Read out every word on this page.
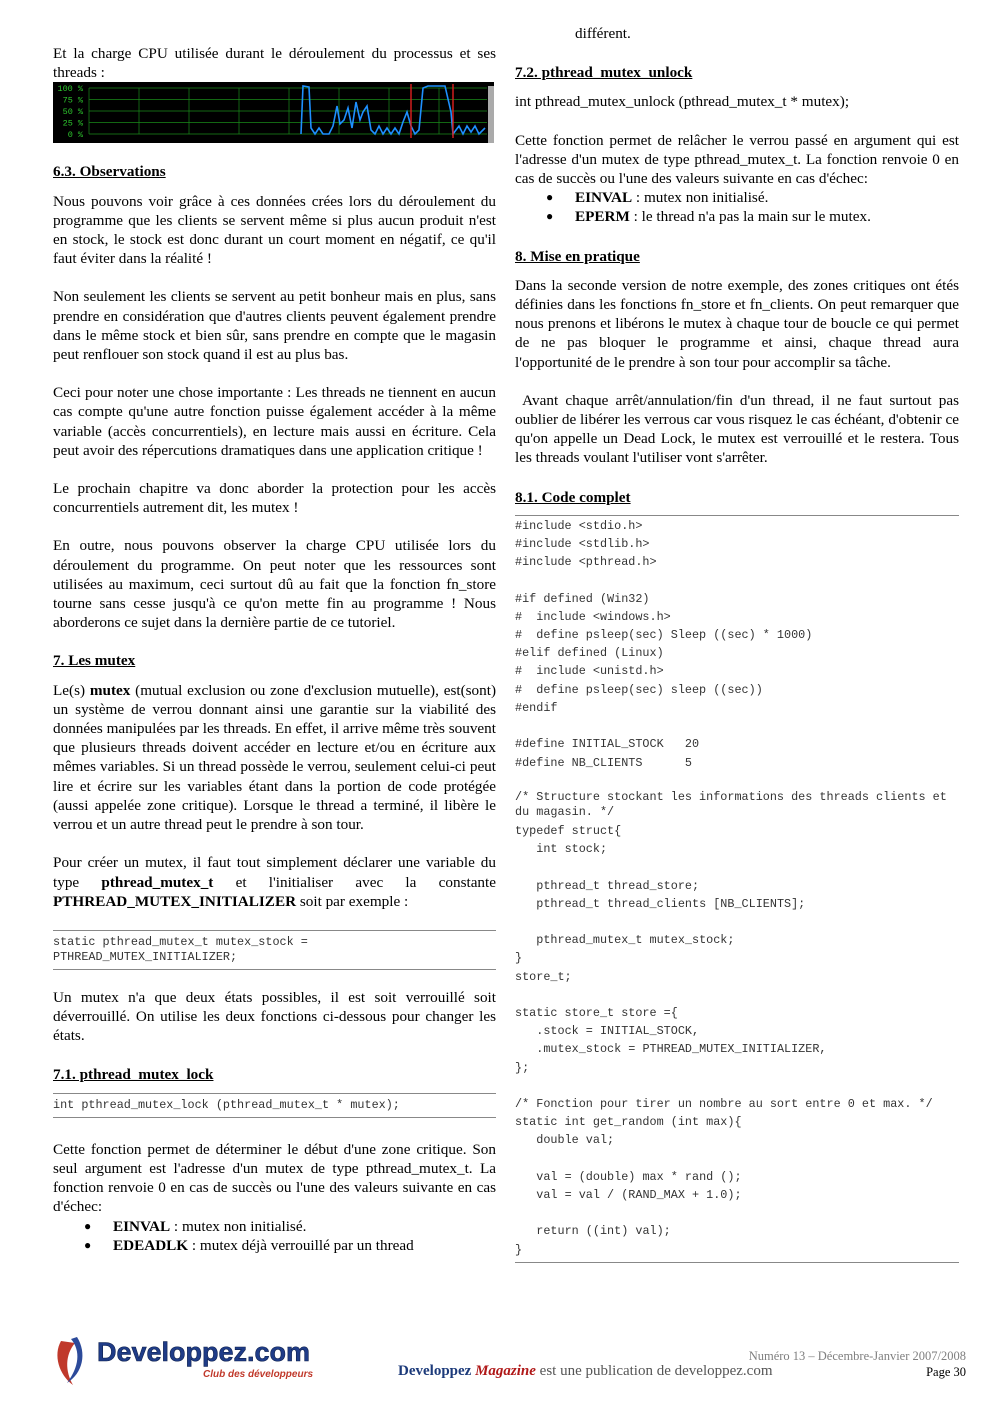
Et la charge CPU utilisée durant le déroulement du processus et ses threads :

6.3. Observations

Nous pouvons voir grâce à ces données crées lors du déroulement du programme que les clients se servent même si plus aucun produit n'est en stock, le stock est donc durant un court moment en négatif, ce qu'il faut éviter dans la réalité !

Non seulement les clients se servent au petit bonheur mais en plus, sans prendre en considération que d'autres clients peuvent également prendre dans le même stock et bien sûr, sans prendre en compte que le magasin peut renflouer son stock quand il est au plus bas.

Ceci pour noter une chose importante : Les threads ne tiennent en aucun cas compte qu'une autre fonction puisse également accéder à la même variable (accès concurrentiels), en lecture mais aussi en écriture. Cela peut avoir des répercutions dramatiques dans une application critique !

Le prochain chapitre va donc aborder la protection pour les accès concurrentiels autrement dit, les mutex !

En outre, nous pouvons observer la charge CPU utilisée lors du déroulement du programme. On peut noter que les ressources sont utilisées au maximum, ceci surtout dû au fait que la fonction fn_store tourne sans cesse jusqu'à ce qu'on mette fin au programme ! Nous aborderons ce sujet dans la dernière partie de ce tutoriel.

7. Les mutex

Le(s) mutex (mutual exclusion ou zone d'exclusion mutuelle), est(sont) un système de verrou donnant ainsi une garantie sur la viabilité des données manipulées par les threads. En effet, il arrive même très souvent que plusieurs threads doivent accéder en lecture et/ou en écriture aux mêmes variables. Si un thread possède le verrou, seulement celui-ci peut lire et écrire sur les variables étant dans la portion de code protégée (aussi appelée zone critique). Lorsque le thread a terminé, il libère le verrou et un autre thread peut le prendre à son tour.

Pour créer un mutex, il faut tout simplement déclarer une variable du type pthread_mutex_t et l'initialiser avec la constante PTHREAD_MUTEX_INITIALIZER soit par exemple :

static pthread_mutex_t mutex_stock =
PTHREAD_MUTEX_INITIALIZER;

Un mutex n'a que deux états possibles, il est soit verrouillé soit déverrouillé. On utilise les deux fonctions ci-dessous pour changer les états.

7.1. pthread_mutex_lock

int pthread_mutex_lock (pthread_mutex_t * mutex);

Cette fonction permet de déterminer le début d'une zone critique. Son seul argument est l'adresse d'un mutex de type pthread_mutex_t. La fonction renvoie 0 en cas de succès ou l'une des valeurs suivante en cas d'échec:

● EINVAL : mutex non initialisé.

● EDEADLK : mutex déjà verrouillé par un thread

100 %
75 %
50 %
25 %
0 %

différent.

7.2. pthread_mutex_unlock

int pthread_mutex_unlock (pthread_mutex_t * mutex);

Cette fonction permet de relâcher le verrou passé en argument qui est l'adresse d'un mutex de type pthread_mutex_t. La fonction renvoie 0 en cas de succès ou l'une des valeurs suivante en cas d'échec:

● EINVAL : mutex non initialisé.

● EPERM : le thread n'a pas la main sur le mutex.

8. Mise en pratique

Dans la seconde version de notre exemple, des zones critiques ont étés définies dans les fonctions fn_store et fn_clients. On peut remarquer que nous prenons et libérons le mutex à chaque tour de boucle ce qui permet de ne pas bloquer le programme et ainsi, chaque thread aura l'opportunité de le prendre à son tour pour accomplir sa tâche.

Avant chaque arrêt/annulation/fin d'un thread, il ne faut surtout pas oublier de libérer les verrous car vous risquez le cas échéant, d'obtenir ce qu'on appelle un Dead Lock, le mutex est verrouillé et le restera. Tous les threads voulant l'utiliser vont s'arrêter.

8.1. Code complet

#include <stdio.h>
#include <stdlib.h>
#include <pthread.h>

#if defined (Win32)
#  include <windows.h>
#  define psleep(sec) Sleep ((sec) * 1000)
#elif defined (Linux)
#  include <unistd.h>
#  define psleep(sec) sleep ((sec))
#endif

#define INITIAL_STOCK   20
#define NB_CLIENTS      5

/* Structure stockant les informations des threads clients et du magasin. */
typedef struct{
int stock;

pthread_t thread_store;
pthread_t thread_clients [NB_CLIENTS];

pthread_mutex_t mutex_stock;
}
store_t;

static store_t store ={
.stock = INITIAL_STOCK,
.mutex_stock = PTHREAD_MUTEX_INITIALIZER,
};

/* Fonction pour tirer un nombre au sort entre 0 et max. */
static int get_random (int max){
double val;

val = (double) max * rand ();
val = val / (RAND_MAX + 1.0);

return ((int) val);
}
Developpez.com
Club des développeurs
Numéro 13 – Décembre-Janvier 2007/2008
Developpez Magazine est une publication de developpez.com	Page 30
